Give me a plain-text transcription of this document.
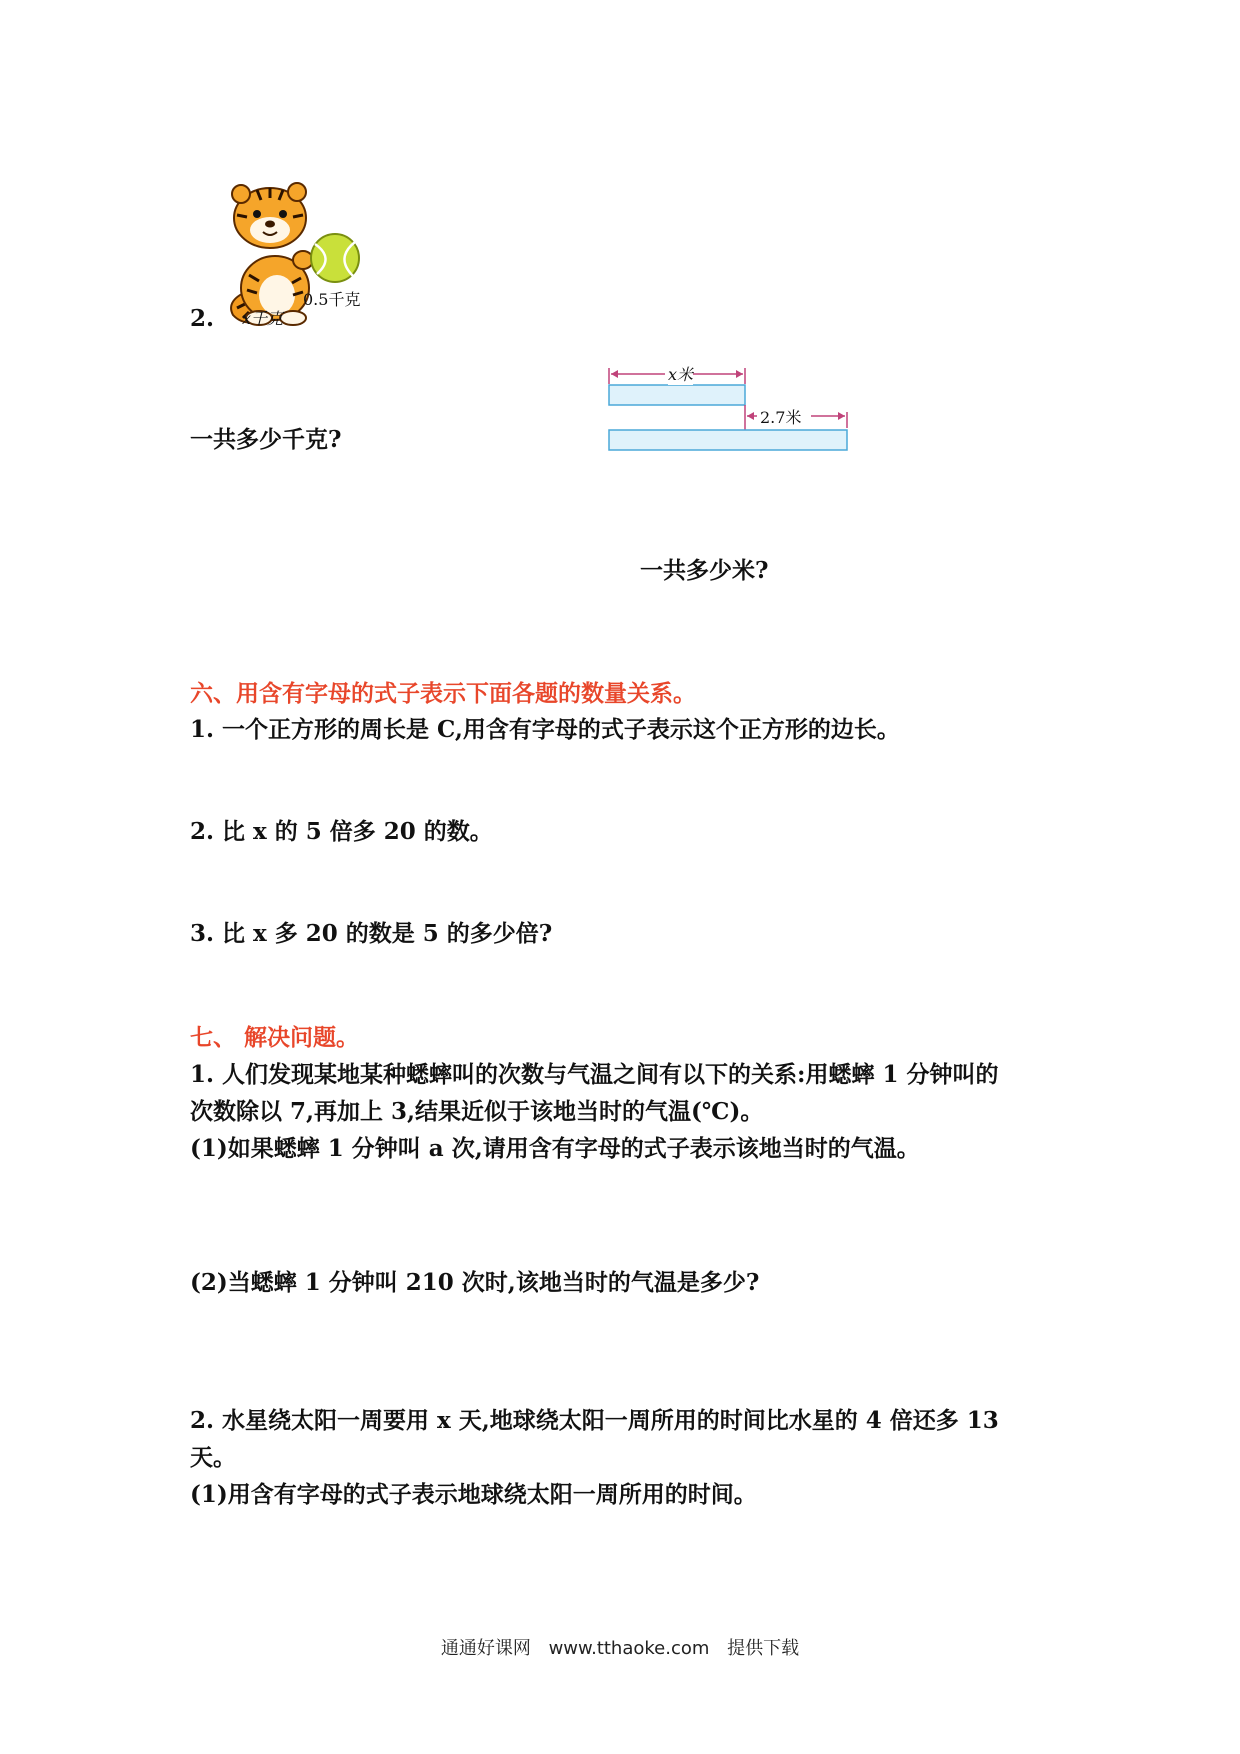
0.5千克
x千克
2.
一共多少千克?
x米
2.7米
一共多少米?
六、用含有字母的式子表示下面各题的数量关系。
1. 一个正方形的周长是 C,用含有字母的式子表示这个正方形的边长。
2. 比 x 的 5 倍多 20 的数。
3. 比 x 多 20 的数是 5 的多少倍?
七、 解决问题。
1. 人们发现某地某种蟋蟀叫的次数与气温之间有以下的关系:用蟋蟀 1 分钟叫的
次数除以 7,再加上 3,结果近似于该地当时的气温(℃)。
(1)如果蟋蟀 1 分钟叫 a 次,请用含有字母的式子表示该地当时的气温。
(2)当蟋蟀 1 分钟叫 210 次时,该地当时的气温是多少?
2. 水星绕太阳一周要用 x 天,地球绕太阳一周所用的时间比水星的 4 倍还多 13
天。
(1)用含有字母的式子表示地球绕太阳一周所用的时间。
通通好课网 www.tthaoke.com 提供下载
